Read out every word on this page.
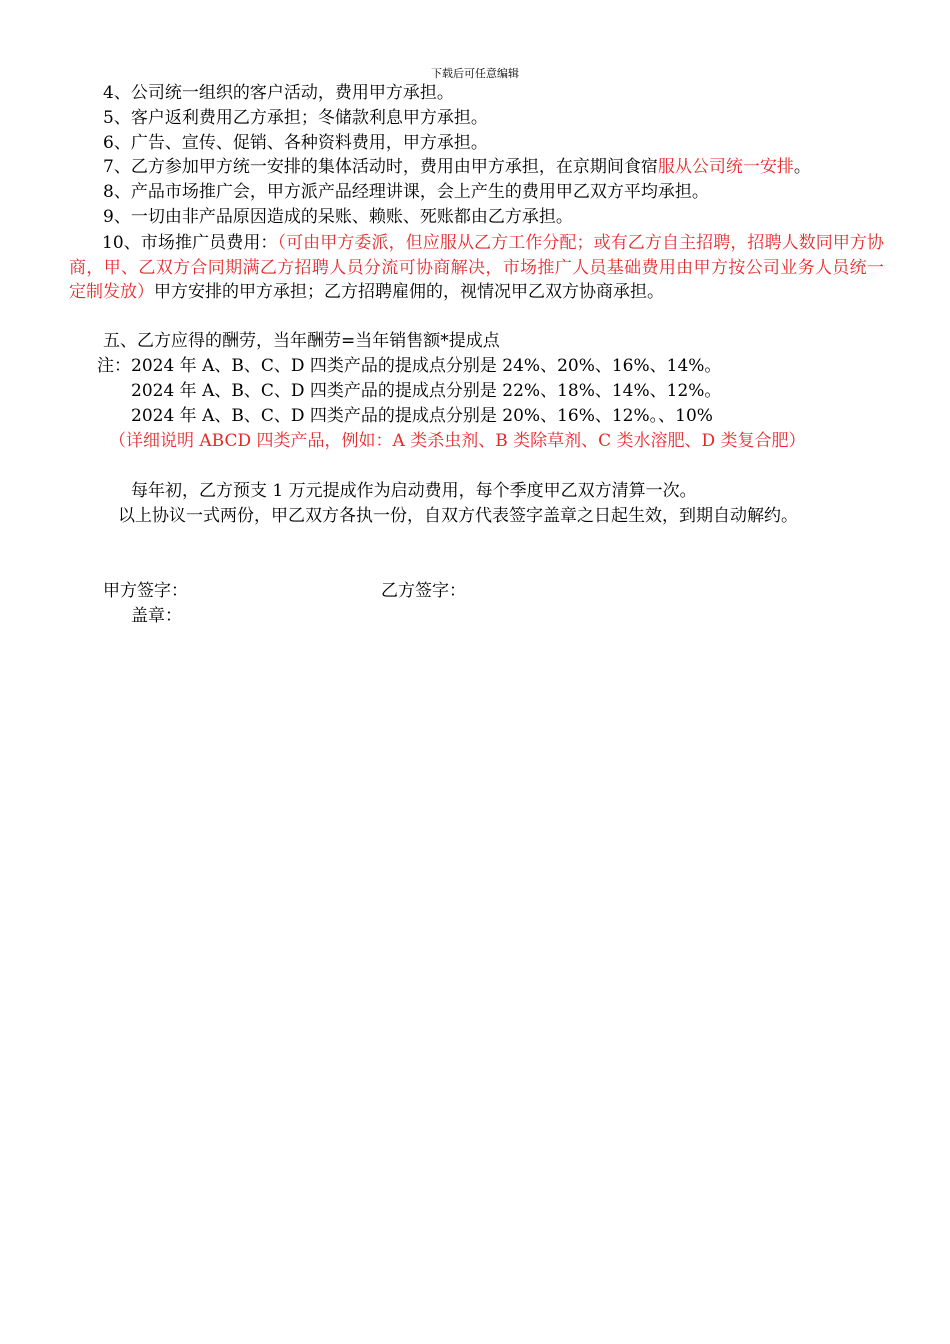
下载后可任意编辑
4、公司统一组织的客户活动，费用甲方承担。
5、客户返利费用乙方承担；冬储款利息甲方承担。
6、广告、宣传、促销、各种资料费用，甲方承担。
7、乙方参加甲方统一安排的集体活动时，费用由甲方承担，在京期间食宿服从公司统一安排。
8、产品市场推广会，甲方派产品经理讲课，会上产生的费用甲乙双方平均承担。
9、一切由非产品原因造成的呆账、赖账、死账都由乙方承担。
10、市场推广员费用：（可由甲方委派，但应服从乙方工作分配；或有乙方自主招聘，招聘人数同甲方协商，甲、乙双方合同期满乙方招聘人员分流可协商解决，市场推广人员基础费用由甲方按公司业务人员统一定制发放）甲方安排的甲方承担；乙方招聘雇佣的，视情况甲乙双方协商承担。
五、乙方应得的酬劳，当年酬劳=当年销售额*提成点
注：2024 年 A、B、C、D 四类产品的提成点分别是 24%、20%、16%、14%。
2024 年 A、B、C、D 四类产品的提成点分别是 22%、18%、14%、12%。
2024 年 A、B、C、D 四类产品的提成点分别是 20%、16%、12%。、10%
（详细说明 ABCD 四类产品，例如：A 类杀虫剂、B 类除草剂、C 类水溶肥、D 类复合肥）
每年初，乙方预支 1 万元提成作为启动费用，每个季度甲乙双方清算一次。
以上协议一式两份，甲乙双方各执一份，自双方代表签字盖章之日起生效，到期自动解约。
甲方签字：	乙方签字：
盖章：
